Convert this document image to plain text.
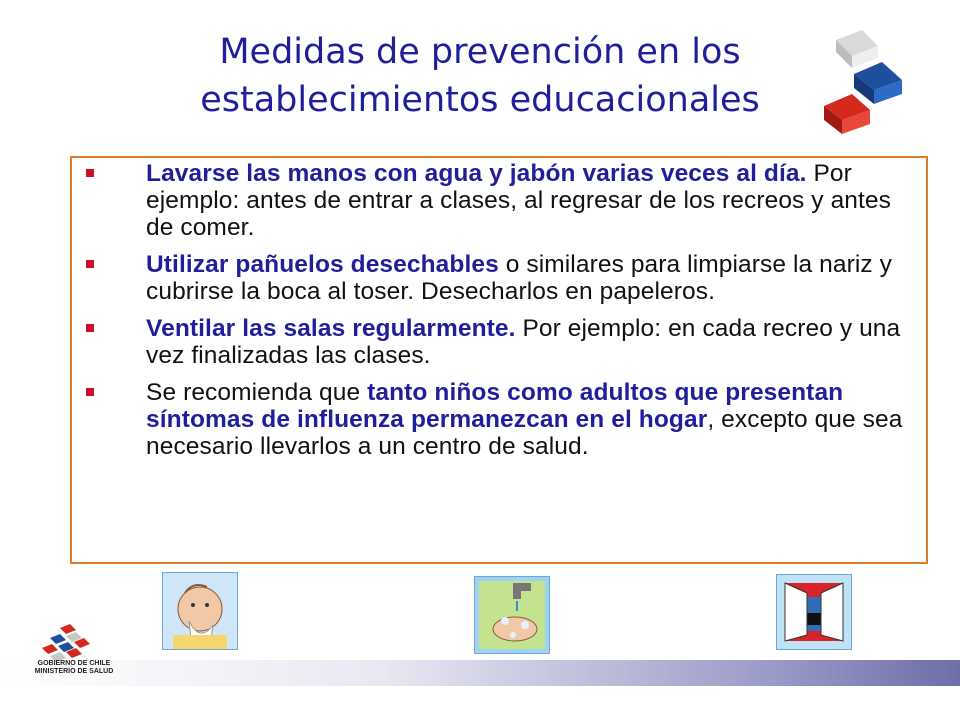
Medidas de prevención en los
establecimientos educacionales
Lavarse las manos con agua y jabón varias veces al día. Por ejemplo: antes de entrar a clases, al regresar de los recreos y antes de comer.
Utilizar pañuelos desechables o similares para limpiarse la nariz y cubrirse la boca al toser. Desecharlos en papeleros.
Ventilar las salas regularmente. Por ejemplo: en cada recreo y una vez finalizadas las clases.
Se recomienda que tanto niños como adultos que presentan síntomas de influenza permanezcan en el hogar, excepto que sea necesario llevarlos a un centro de salud.
GOBIERNO DE CHILE
MINISTERIO DE SALUD
